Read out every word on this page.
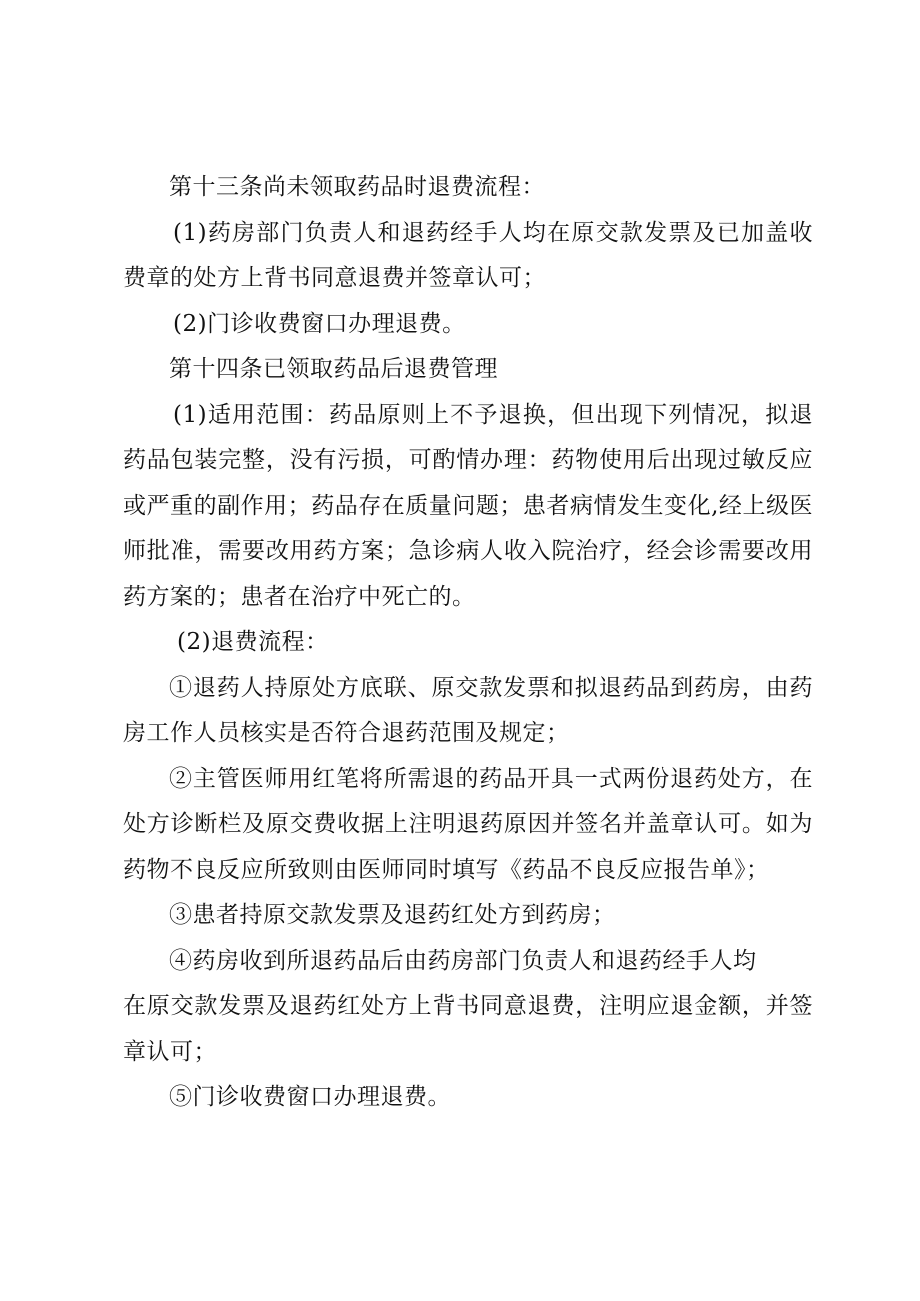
第十三条尚未领取药品时退费流程：

(1)药房部门负责人和退药经手人均在原交款发票及已加盖收费章的处方上背书同意退费并签章认可；

(2)门诊收费窗口办理退费。

第十四条已领取药品后退费管理

(1)适用范围：药品原则上不予退换，但出现下列情况，拟退药品包装完整，没有污损，可酌情办理：药物使用后出现过敏反应或严重的副作用；药品存在质量问题；患者病情发生变化,经上级医师批准，需要改用药方案；急诊病人收入院治疗，经会诊需要改用药方案的；患者在治疗中死亡的。

(2)退费流程：

①退药人持原处方底联、原交款发票和拟退药品到药房，由药房工作人员核实是否符合退药范围及规定；

②主管医师用红笔将所需退的药品开具一式两份退药处方，在处方诊断栏及原交费收据上注明退药原因并签名并盖章认可。如为药物不良反应所致则由医师同时填写《药品不良反应报告单》；

③患者持原交款发票及退药红处方到药房；

④药房收到所退药品后由药房部门负责人和退药经手人均

在原交款发票及退药红处方上背书同意退费，注明应退金额，并签章认可；

⑤门诊收费窗口办理退费。
